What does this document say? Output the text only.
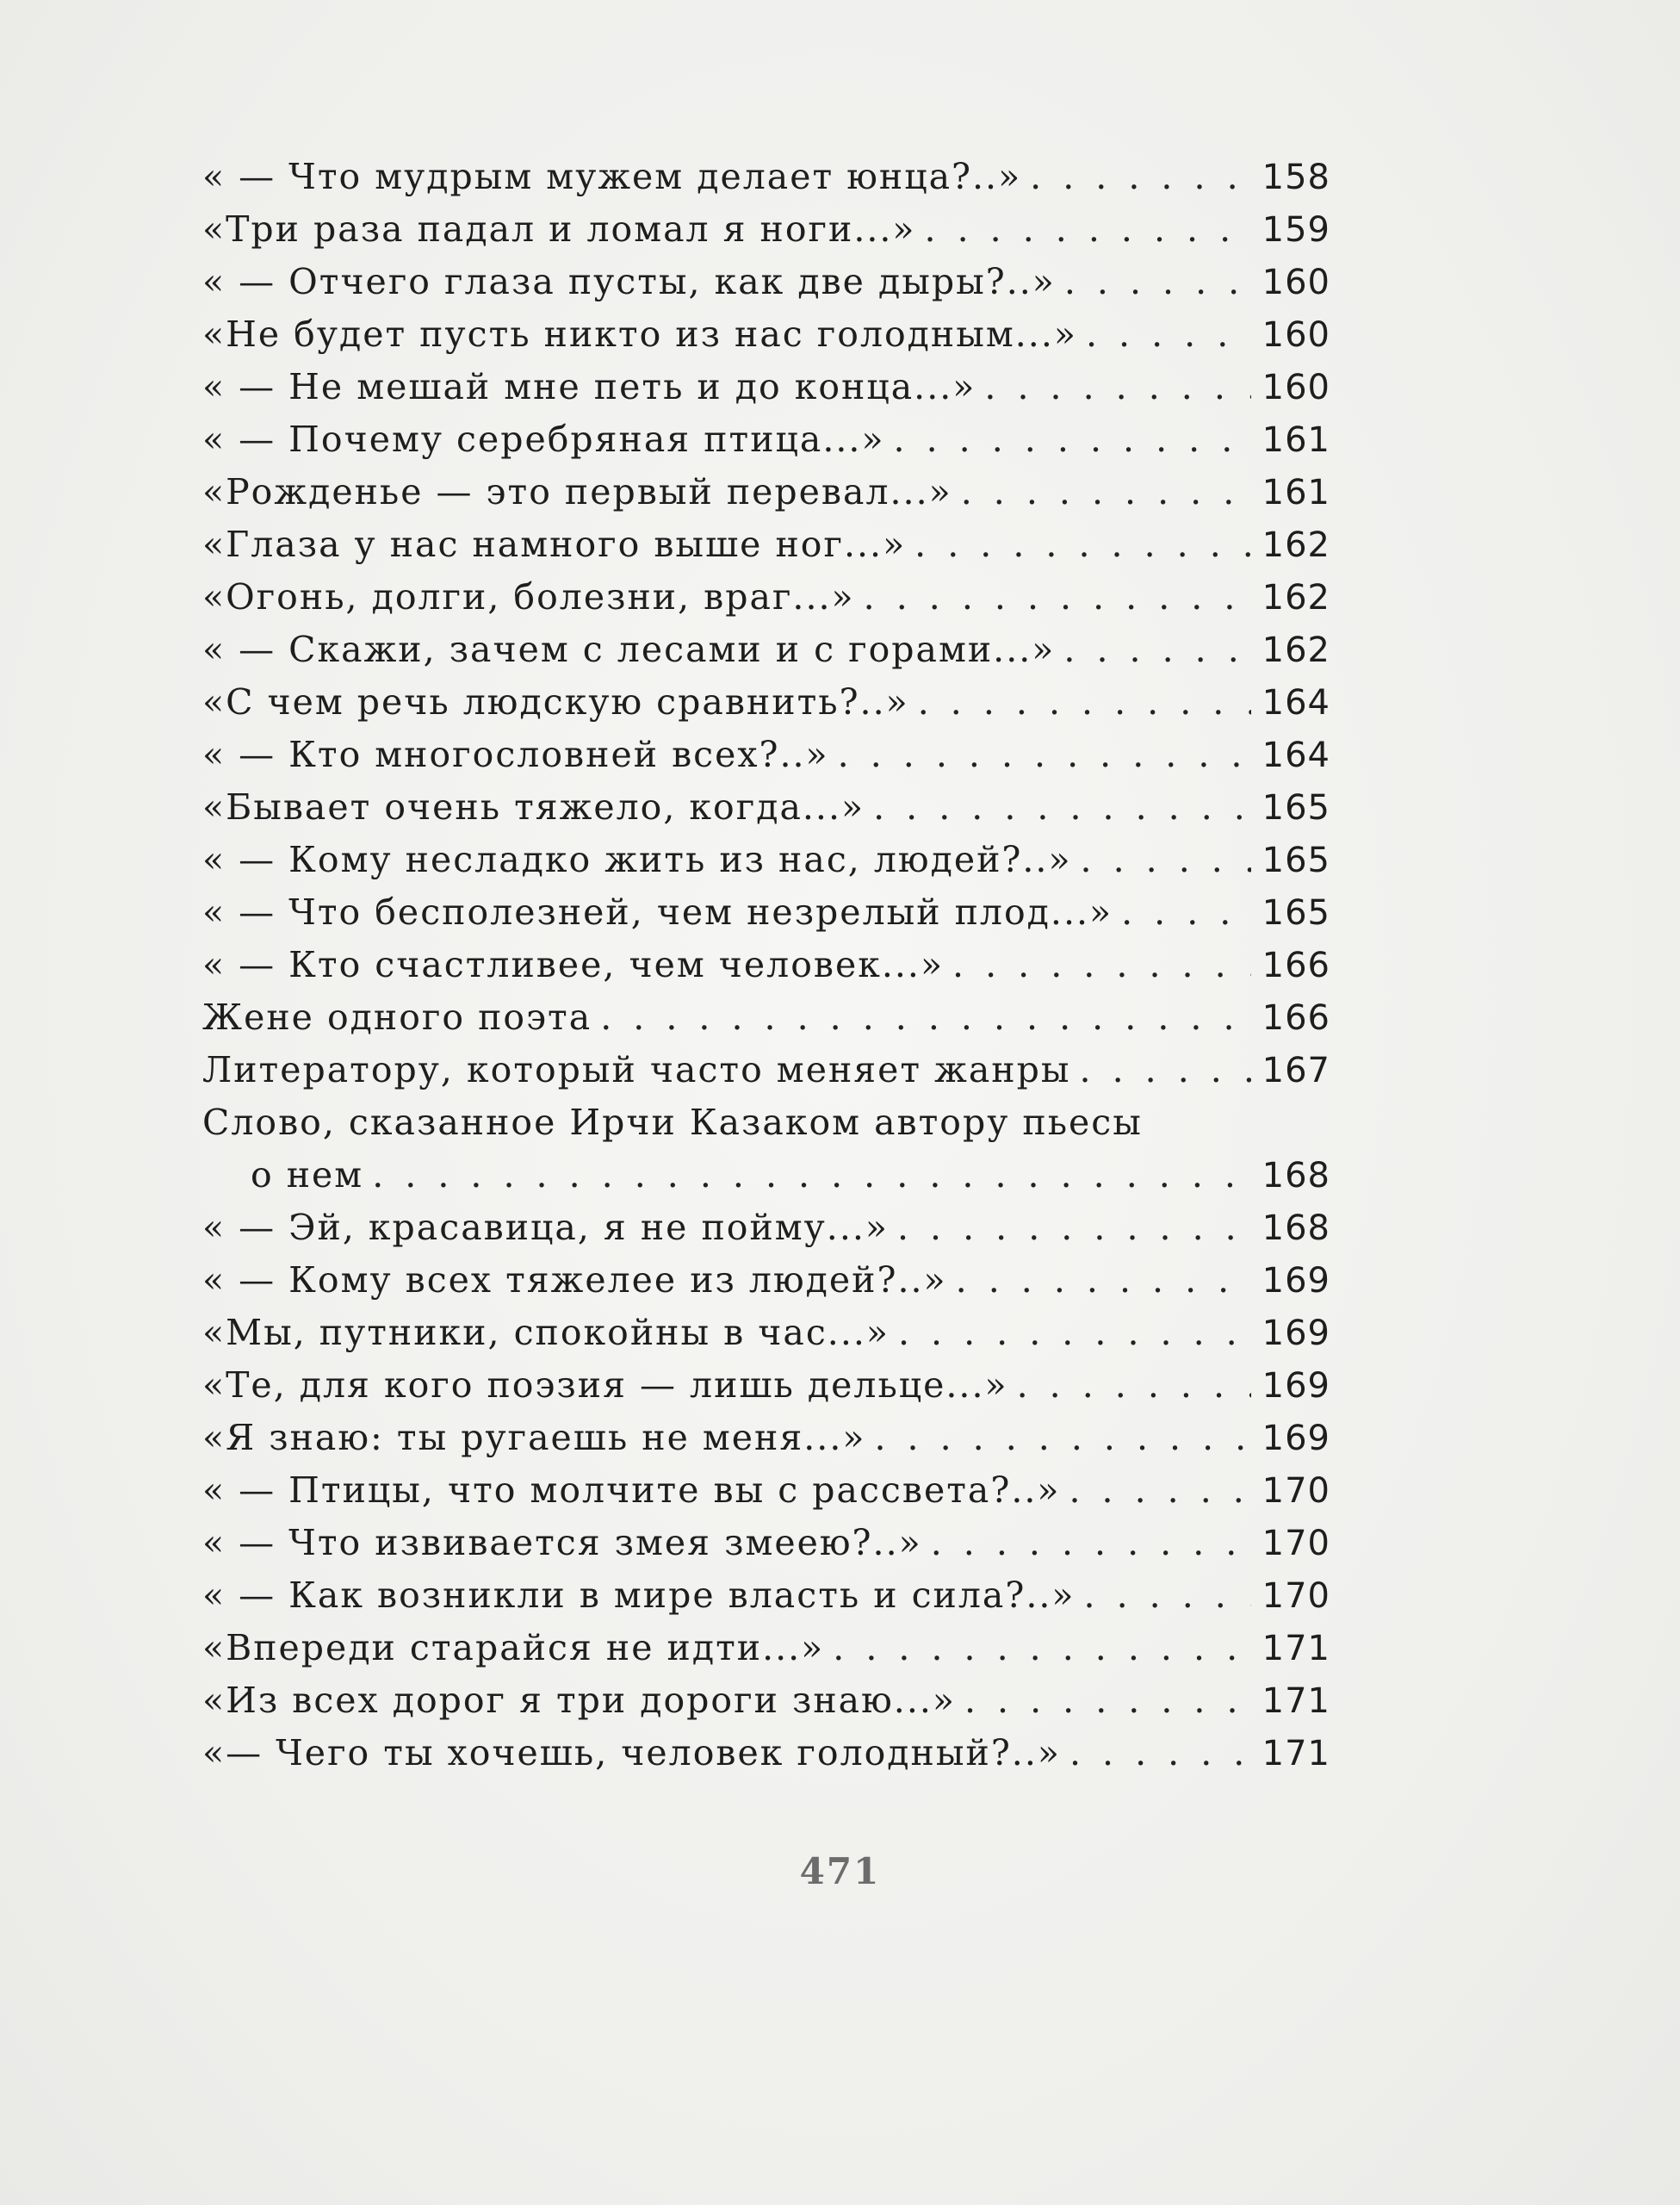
« — Что мудрым мужем делает юнца?..» . . .	158
«Три раза падал и ломал я ноги...» . . .	159
« — Отчего глаза пусты, как две дыры?..» . . .	160
«Не будет пусть никто из нас голодным...» . . .	160
« — Не мешай мне петь и до конца...» . . .	160
« — Почему серебряная птица...» . . .	161
«Рожденье — это первый перевал...» . . .	161
«Глаза у нас намного выше ног...» . . .	162
«Огонь, долги, болезни, враг...» . . .	162
« — Скажи, зачем с лесами и с горами...» . . .	162
«С чем речь людскую сравнить?..» . . .	164
« — Кто многословней всех?..» . . .	164
«Бывает очень тяжело, когда...» . . .	165
« — Кому несладко жить из нас, людей?..» . . .	165
« — Что бесполезней, чем незрелый плод...» . . .	165
« — Кто счастливее, чем человек...» . . .	166
Жене одного поэта . . .	166
Литератору, который часто меняет жанры . . .	167
Слово, сказанное Ирчи Казаком автору пьесы
о нем . . .	168
« — Эй, красавица, я не пойму...» . . .	168
« — Кому всех тяжелее из людей?..» . . .	169
«Мы, путники, спокойны в час...» . . .	169
«Те, для кого поэзия — лишь дельце...» . . .	169
«Я знаю: ты ругаешь не меня...» . . .	169
« — Птицы, что молчите вы с рассвета?..» . . .	170
« — Что извивается змея змеею?..» . . .	170
« — Как возникли в мире власть и сила?..» . . .	170
«Впереди старайся не идти...» . . .	171
«Из всех дорог я три дороги знаю...» . . .	171
«— Чего ты хочешь, человек голодный?..» . . .	171
471
